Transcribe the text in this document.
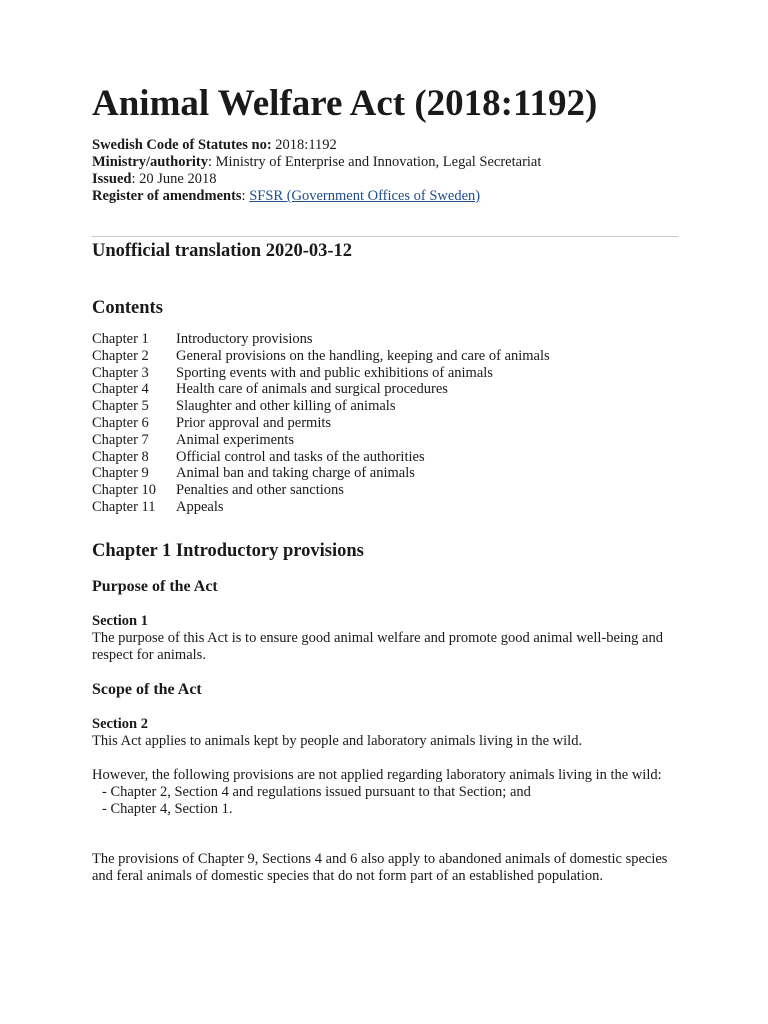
Animal Welfare Act (2018:1192)
Swedish Code of Statutes no: 2018:1192
Ministry/authority: Ministry of Enterprise and Innovation, Legal Secretariat
Issued: 20 June 2018
Register of amendments: SFSR (Government Offices of Sweden)
Unofficial translation 2020-03-12
Contents
Chapter 1	Introductory provisions
Chapter 2	General provisions on the handling, keeping and care of animals
Chapter 3	Sporting events with and public exhibitions of animals
Chapter 4	Health care of animals and surgical procedures
Chapter 5	Slaughter and other killing of animals
Chapter 6	Prior approval and permits
Chapter 7	Animal experiments
Chapter 8	Official control and tasks of the authorities
Chapter 9	Animal ban and taking charge of animals
Chapter 10	Penalties and other sanctions
Chapter 11	Appeals
Chapter 1 Introductory provisions
Purpose of the Act

Section 1

The purpose of this Act is to ensure good animal welfare and promote good animal well-being and respect for animals.

Scope of the Act

Section 2

This Act applies to animals kept by people and laboratory animals living in the wild.

However, the following provisions are not applied regarding laboratory animals living in the wild:

- Chapter 2, Section 4 and regulations issued pursuant to that Section; and

- Chapter 4, Section 1.

The provisions of Chapter 9, Sections 4 and 6 also apply to abandoned animals of domestic species and feral animals of domestic species that do not form part of an established population.
